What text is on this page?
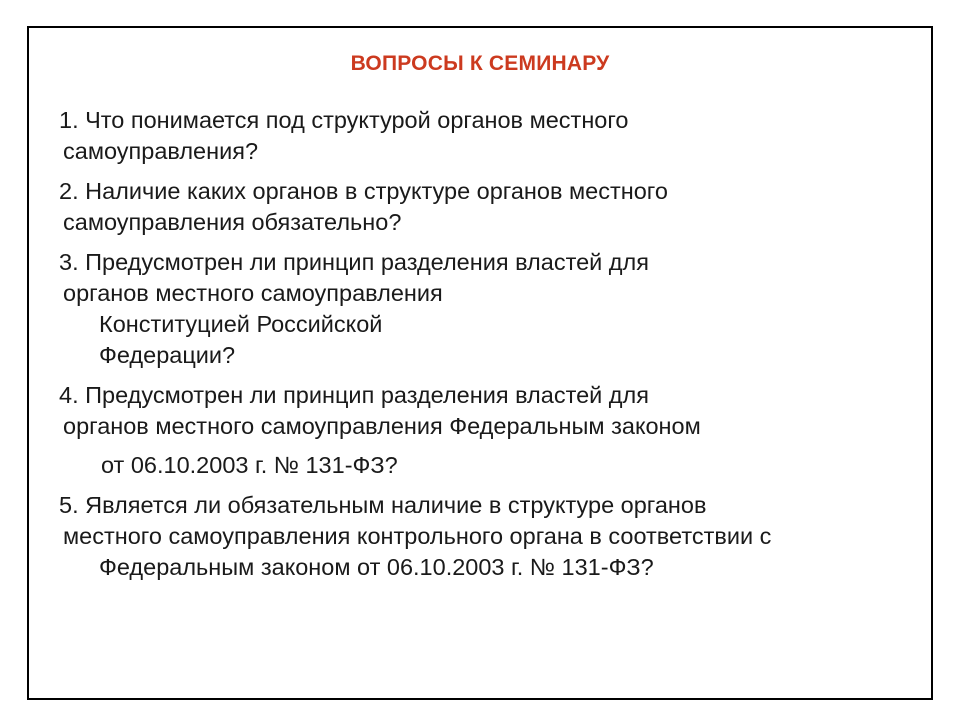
ВОПРОСЫ К СЕМИНАРУ
1. Что понимается под структурой органов местного
самоуправления?
2. Наличие каких органов в структуре органов местного
самоуправления обязательно?
3. Предусмотрен ли принцип разделения властей для
органов местного самоуправления Конституцией Российской Федерации?
4. Предусмотрен ли принцип разделения властей для
органов местного самоуправления Федеральным законом
от 06.10.2003 г. № 131-ФЗ?
5. Является ли обязательным наличие в структуре органов
местного самоуправления контрольного органа в соответствии с Федеральным законом от 06.10.2003 г. № 131-ФЗ?
